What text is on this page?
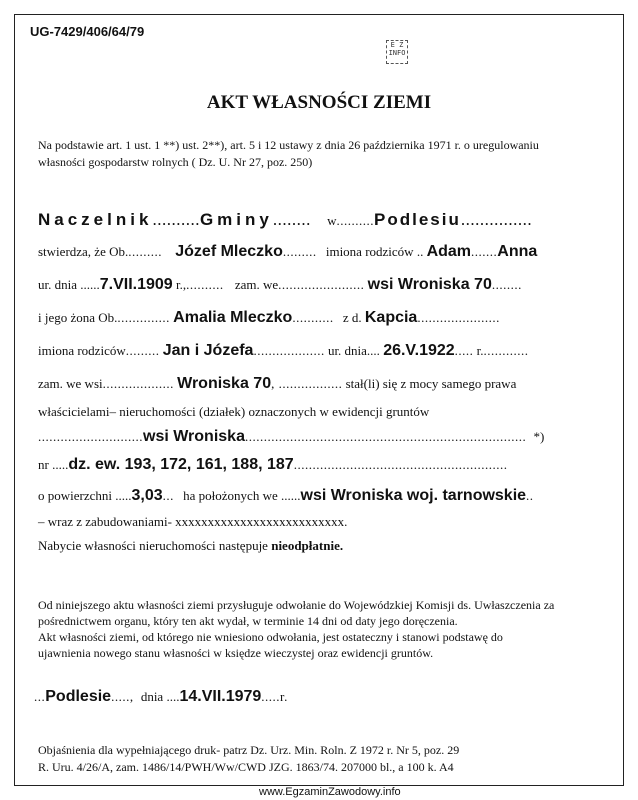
UG-7429/406/64/79
E Z
INFO
AKT WŁASNOŚCI ZIEMI
Na podstawie art. 1 ust. 1 **) ust. 2**), art. 5 i 12 ustawy z dnia 26 października 1971 r. o uregulowaniu
własności gospodarstw rolnych ( Dz. U. Nr 27, poz. 250)
Naczelnik..........Gminy........ w..........Podlesiu...............
stwierdza, że Ob.......... Józef Mleczko......... imiona rodziców .. Adam.......Anna
ur. dnia ......7.VII.1909 r.,.......... zam. we....................... wsi Wroniska 70........
i jego żona Ob............... Amalia Mleczko........... z d. Kapcia......................
imiona rodziców......... Jan i Józefa................... ur. dnia.... 26.V.1922..... r.............
zam. we wsi................... Wroniska 70, ................. stał(li) się z mocy samego prawa
właścicielami– nieruchomości (działek) oznaczonych w ewidencji gruntów
............................wsi Wroniska........................................................................... *)
nr .....dz. ew. 193, 172, 161, 188, 187.........................................................
o powierzchni .....3,03... ha położonych we ......wsi Wroniska woj. tarnowskie..
– wraz z zabudowaniami- xxxxxxxxxxxxxxxxxxxxxxxxxx.
Nabycie własności nieruchomości następuje nieodpłatnie.
Od niniejszego aktu własności ziemi przysługuje odwołanie do Wojewódzkiej Komisji ds. Uwłaszczenia za
pośrednictwem organu, który ten akt wydał, w terminie 14 dni od daty jego doręczenia.
Akt własności ziemi, od którego nie wniesiono odwołania, jest ostateczny i stanowi podstawę do
ujawnienia nowego stanu własności w księdze wieczystej oraz ewidencji gruntów.
...Podlesie....., dnia ....14.VII.1979.....r.
Objaśnienia dla wypełniającego druk- patrz Dz. Urz. Min. Roln. Z 1972 r. Nr 5, poz. 29
R. Uru. 4/26/A, zam. 1486/14/PWH/Ww/CWD JZG. 1863/74. 207000 bl., a 100 k. A4
www.EgzaminZawodowy.info
